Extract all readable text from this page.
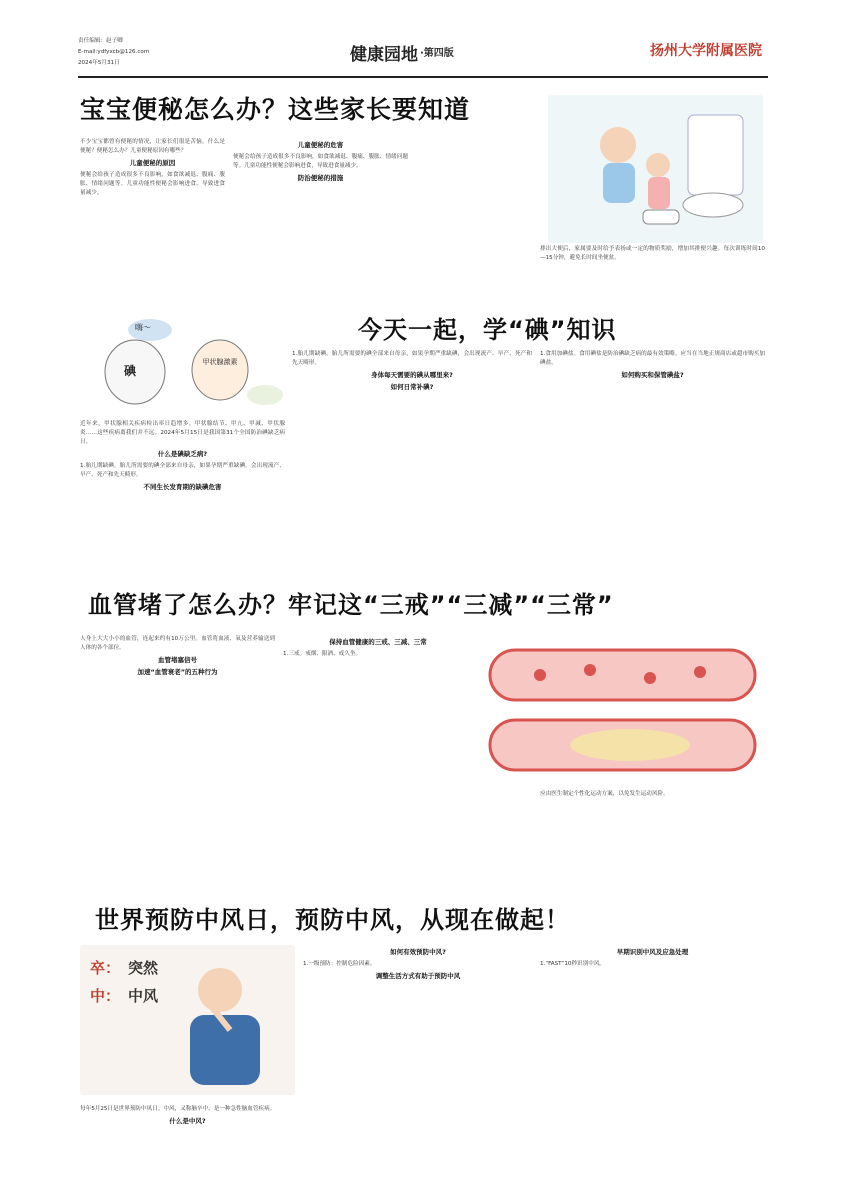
责任编辑：赵子卿
E-mail:ydfyxcb@126.com
2024年5月31日	健康园地 ·第四版	扬州大学附属医院
宝宝便秘怎么办？这些家长要知道
不少宝宝都曾有便秘的情况，让家长们很是苦恼。什么是便秘？便秘怎么办？儿童便秘原因有哪些？
儿童便秘的原因
便秘会给孩子造成很多不良影响，如食欲减退、腹痛、腹胀、情绪问题等。儿童功能性便秘会影响进食，导致进食量减少。
儿童便秘的危害
便秘会给孩子造成很多不良影响，如食欲减退、腹痛、腹胀、情绪问题等。儿童功能性便秘会影响进食，导致进食量减少。
防治便秘的措施
排出大便后，家属要及时给予表扬或一定的物质奖励，增加其排便兴趣。每次训练时间10—15分钟，避免长时间坐便盆。
今天一起，学“碘”知识
嗨～
碘
甲状腺激素
近年来，甲状腺相关疾病检出率日趋增多。甲状腺结节、甲亢、甲减、甲状腺炎……这些疾病离我们并不远。2024年5月15日是我国第31个全国防治碘缺乏病日。
什么是碘缺乏病?
1.胎儿期缺碘。胎儿所需要的碘全部来自母亲，如果孕期严重缺碘，会出现流产、早产、死产和先天畸形。
不同生长发育期的缺碘危害
1.胎儿期缺碘。胎儿所需要的碘全部来自母亲，如果孕期严重缺碘，会出现流产、早产、死产和先天畸形。
身体每天需要的碘从哪里来?
如何日常补碘?
1.食用加碘盐。食用碘盐是防治碘缺乏病的最有效策略。应当在当地正规商店或超市购买加碘盐。
如何购买和保管碘盐?
血管堵了怎么办？牢记这“三戒”“三减”“三常”
人身上大大小小的血管，连起来约有10万公里。血管将血液、氧及营养输送到人体的各个部位。
血管堵塞信号
加速“血管衰老”的五种行为
保持血管健康的三戒、三减、三常
1.三戒。戒烟、限酒、戒久坐。
应由医生制定个性化运动方案，以免发生运动风险。
世界预防中风日，预防中风，从现在做起！
卒： 突然
中： 中风
每年5月25日是世界预防中风日。中风，又称脑卒中，是一种急性脑血管疾病。
什么是中风?
如何有效预防中风?
1.一级预防：控制危险因素。
调整生活方式有助于预防中风
早期识别中风及应急处理
1.“FAST”10秒识别中风。
